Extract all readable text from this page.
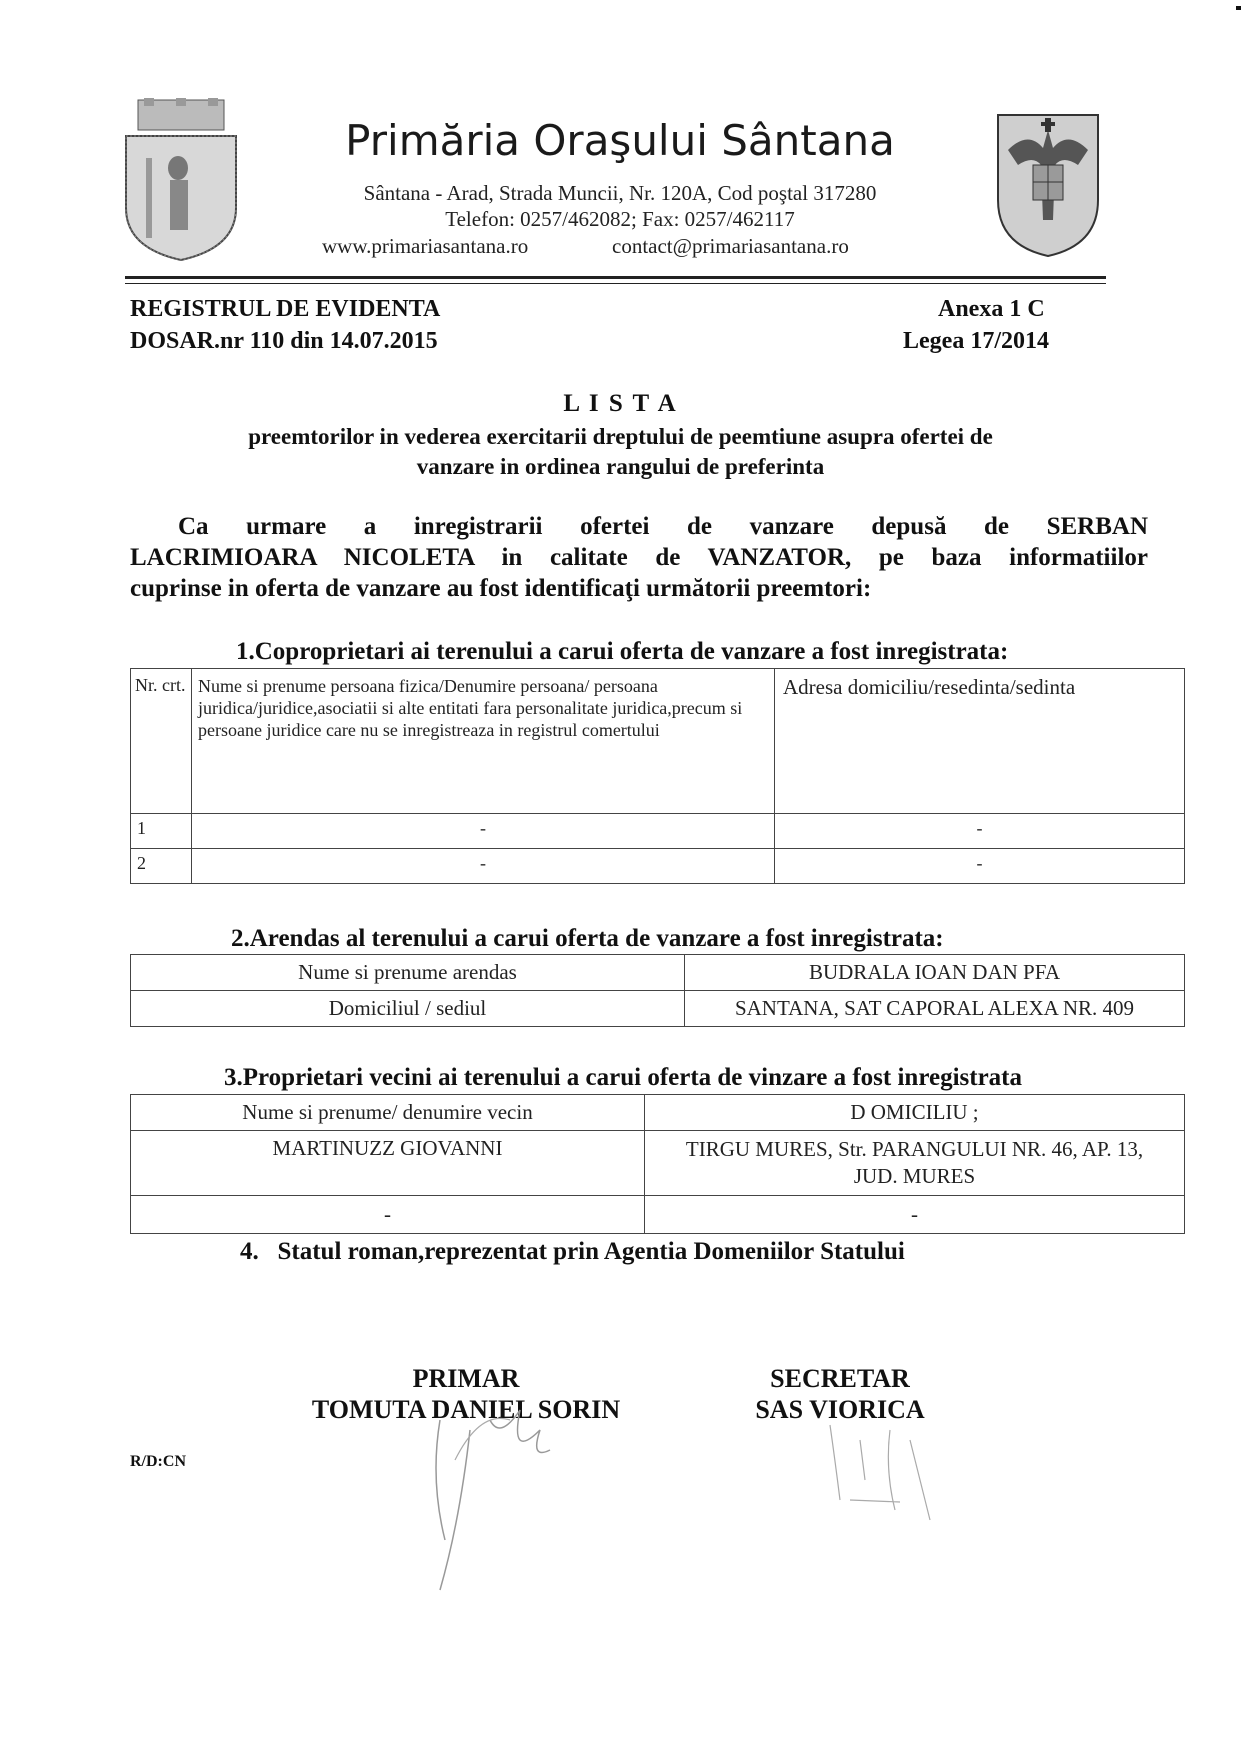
Primăria Oraşului Sântana
Sântana - Arad, Strada Muncii, Nr. 120A, Cod poştal 317280
Telefon: 0257/462082; Fax: 0257/462117
www.primariasantana.ro	contact@primariasantana.ro
REGISTRUL DE EVIDENTA
DOSAR.nr 110 din 14.07.2015
Anexa 1 C
Legea 17/2014
L I S T A
preemtorilor in vederea exercitarii dreptului de peemtiune asupra ofertei de
vanzare in ordinea rangului de preferinta
Ca urmare a inregistrarii ofertei de vanzare depusă de SERBAN
LACRIMIOARA NICOLETA in calitate de VANZATOR, pe baza informatiilor
cuprinse in oferta de vanzare au fost identificaţi următorii preemtori:
1.Coproprietari ai terenului a carui oferta de vanzare a fost inregistrata:
Nr. crt.	Nume si prenume persoana fizica/Denumire persoana/ persoana juridica/juridice,asociatii si alte entitati fara personalitate juridica,precum si persoane juridice care nu se inregistreaza in registrul comertului	Adresa domiciliu/resedinta/sedinta
1	-	-
2	-	-
2.Arendas al terenului a carui oferta de vanzare a fost inregistrata:
Nume si prenume arendas	BUDRALA IOAN DAN PFA
Domiciliul / sediul	SANTANA, SAT CAPORAL ALEXA NR. 409
3.Proprietari vecini ai terenului a carui oferta de vinzare a fost inregistrata
Nume si prenume/ denumire vecin	D OMICILIU ;
MARTINUZZ GIOVANNI	TIRGU MURES, Str. PARANGULUI NR. 46, AP. 13,
JUD. MURES

-	-
4.   Statul roman,reprezentat prin Agentia Domeniilor Statului
PRIMAR
TOMUTA DANIEL SORIN
SECRETAR
SAS VIORICA
R/D:CN
